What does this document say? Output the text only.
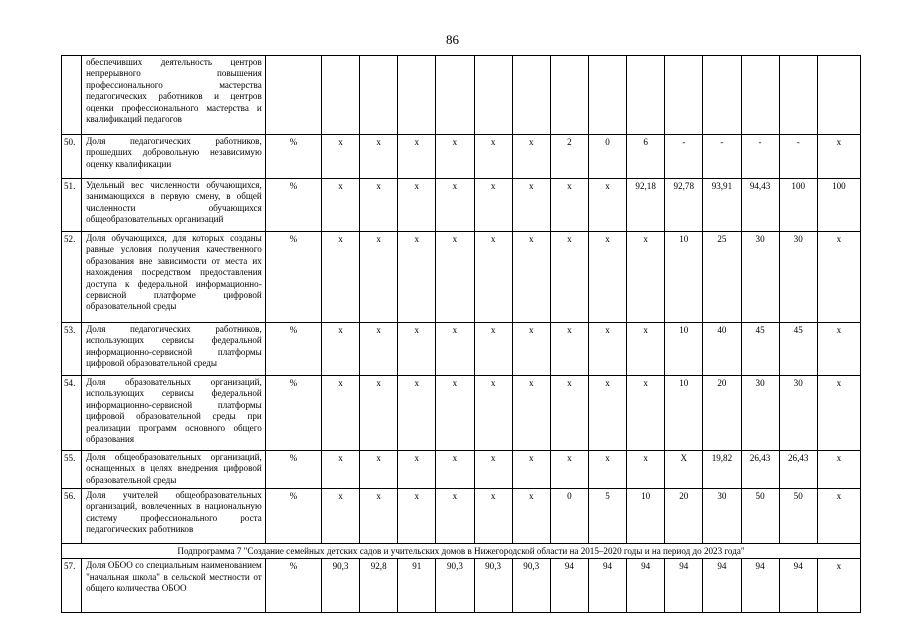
86
	обеспечивших деятельность центров непрерывного повышения профессионального мастерства педагогических работников и центров оценки профессионального мастерства и квалификаций педагогов															
50.	Доля педагогических работников, прошедших добровольную независимую оценку квалификации	%	x	x	x	x	x	x	2	0	6	-	-	-	-	x
51.	Удельный вес численности обучающихся, занимающихся в первую смену, в общей численности обучающихся общеобразовательных организаций	%	x	x	x	x	x	x	x	x	92,18	92,78	93,91	94,43	100	100
52.	Доля обучающихся, для которых созданы равные условия получения качественного образования вне зависимости от места их нахождения посредством предоставления доступа к федеральной информационно-сервисной платформе цифровой образовательной среды	%	x	x	x	x	x	x	x	x	x	10	25	30	30	x
53.	Доля педагогических работников, использующих сервисы федеральной информационно-сервисной платформы цифровой образовательной среды	%	x	x	x	x	x	x	x	x	x	10	40	45	45	x
54.	Доля образовательных организаций, использующих сервисы федеральной информационно-сервисной платформы цифровой образовательной среды при реализации программ основного общего образования	%	x	x	x	x	x	x	x	x	x	10	20	30	30	x
55.	Доля общеобразовательных организаций, оснащенных в целях внедрения цифровой образовательной среды	%	x	x	x	x	x	x	x	x	x	X	19,82	26,43	26,43	x
56.	Доля учителей общеобразовательных организаций, вовлеченных в национальную систему профессионального роста педагогических работников	%	x	x	x	x	x	x	0	5	10	20	30	50	50	x
Подпрограмма 7 "Создание семейных детских садов и учительских домов в Нижегородской области на 2015–2020 годы и на период до 2023 года"																
57.	Доля ОБОО со специальным наименованием "начальная школа" в сельской местности от общего количества ОБОО	%	90,3	92,8	91	90,3	90,3	90,3	94	94	94	94	94	94	94	x
